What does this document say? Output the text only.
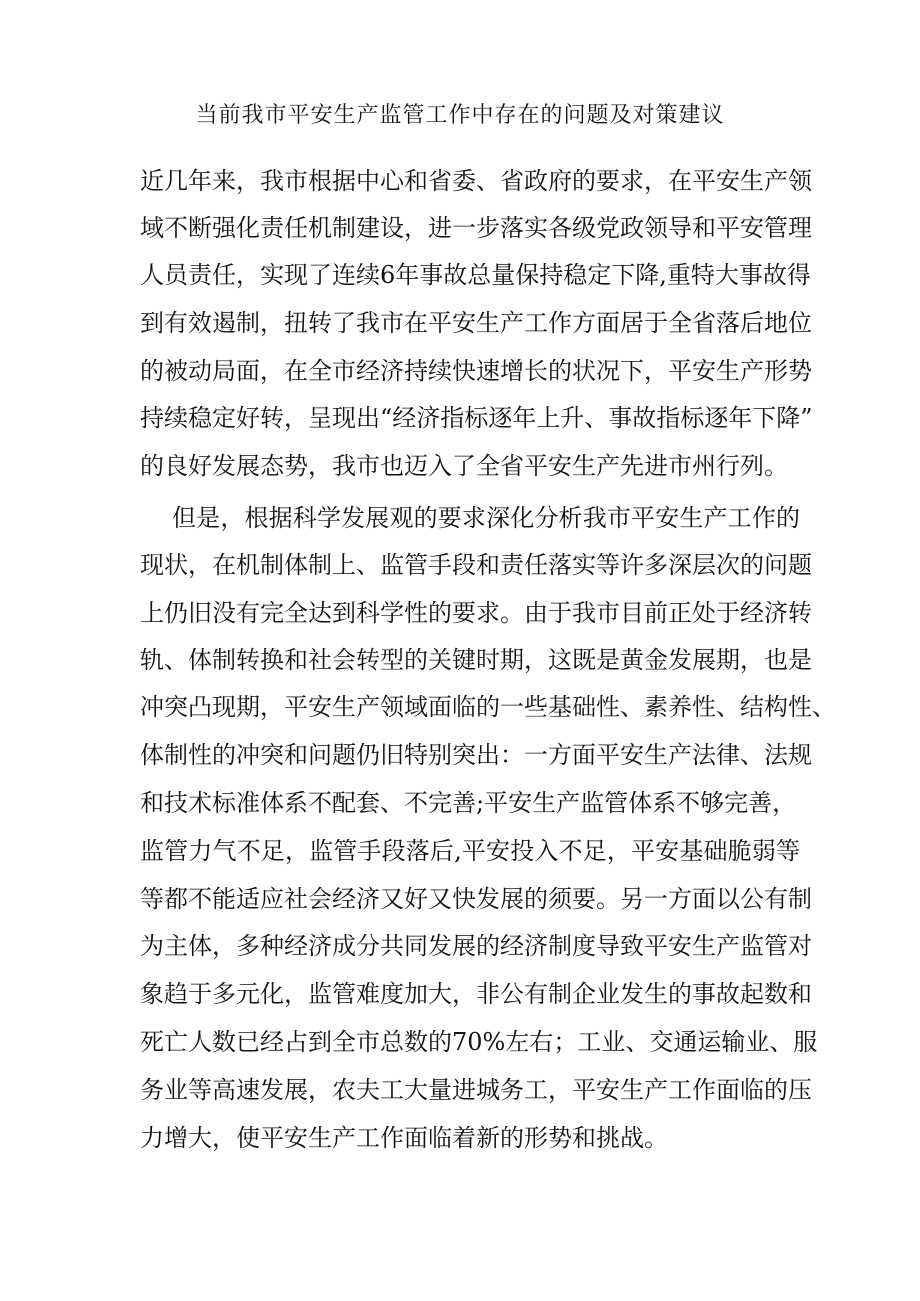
当前我市平安生产监管工作中存在的问题及对策建议
近几年来，我市根据中心和省委、省政府的要求，在平安生产领
域不断强化责任机制建设，进一步落实各级党政领导和平安管理
人员责任，实现了连续6年事故总量保持稳定下降,重特大事故得
到有效遏制，扭转了我市在平安生产工作方面居于全省落后地位
的被动局面，在全市经济持续快速增长的状况下，平安生产形势
持续稳定好转，呈现出“经济指标逐年上升、事故指标逐年下降”
的良好发展态势，我市也迈入了全省平安生产先进市州行列。
但是，根据科学发展观的要求深化分析我市平安生产工作的
现状，在机制体制上、监管手段和责任落实等许多深层次的问题
上仍旧没有完全达到科学性的要求。由于我市目前正处于经济转
轨、体制转换和社会转型的关键时期，这既是黄金发展期，也是
冲突凸现期，平安生产领域面临的一些基础性、素养性、结构性、
体制性的冲突和问题仍旧特别突出：一方面平安生产法律、法规
和技术标准体系不配套、不完善;平安生产监管体系不够完善，
监管力气不足，监管手段落后,平安投入不足，平安基础脆弱等
等都不能适应社会经济又好又快发展的须要。另一方面以公有制
为主体，多种经济成分共同发展的经济制度导致平安生产监管对
象趋于多元化，监管难度加大，非公有制企业发生的事故起数和
死亡人数已经占到全市总数的70%左右；工业、交通运输业、服
务业等高速发展，农夫工大量进城务工，平安生产工作面临的压
力增大，使平安生产工作面临着新的形势和挑战。
